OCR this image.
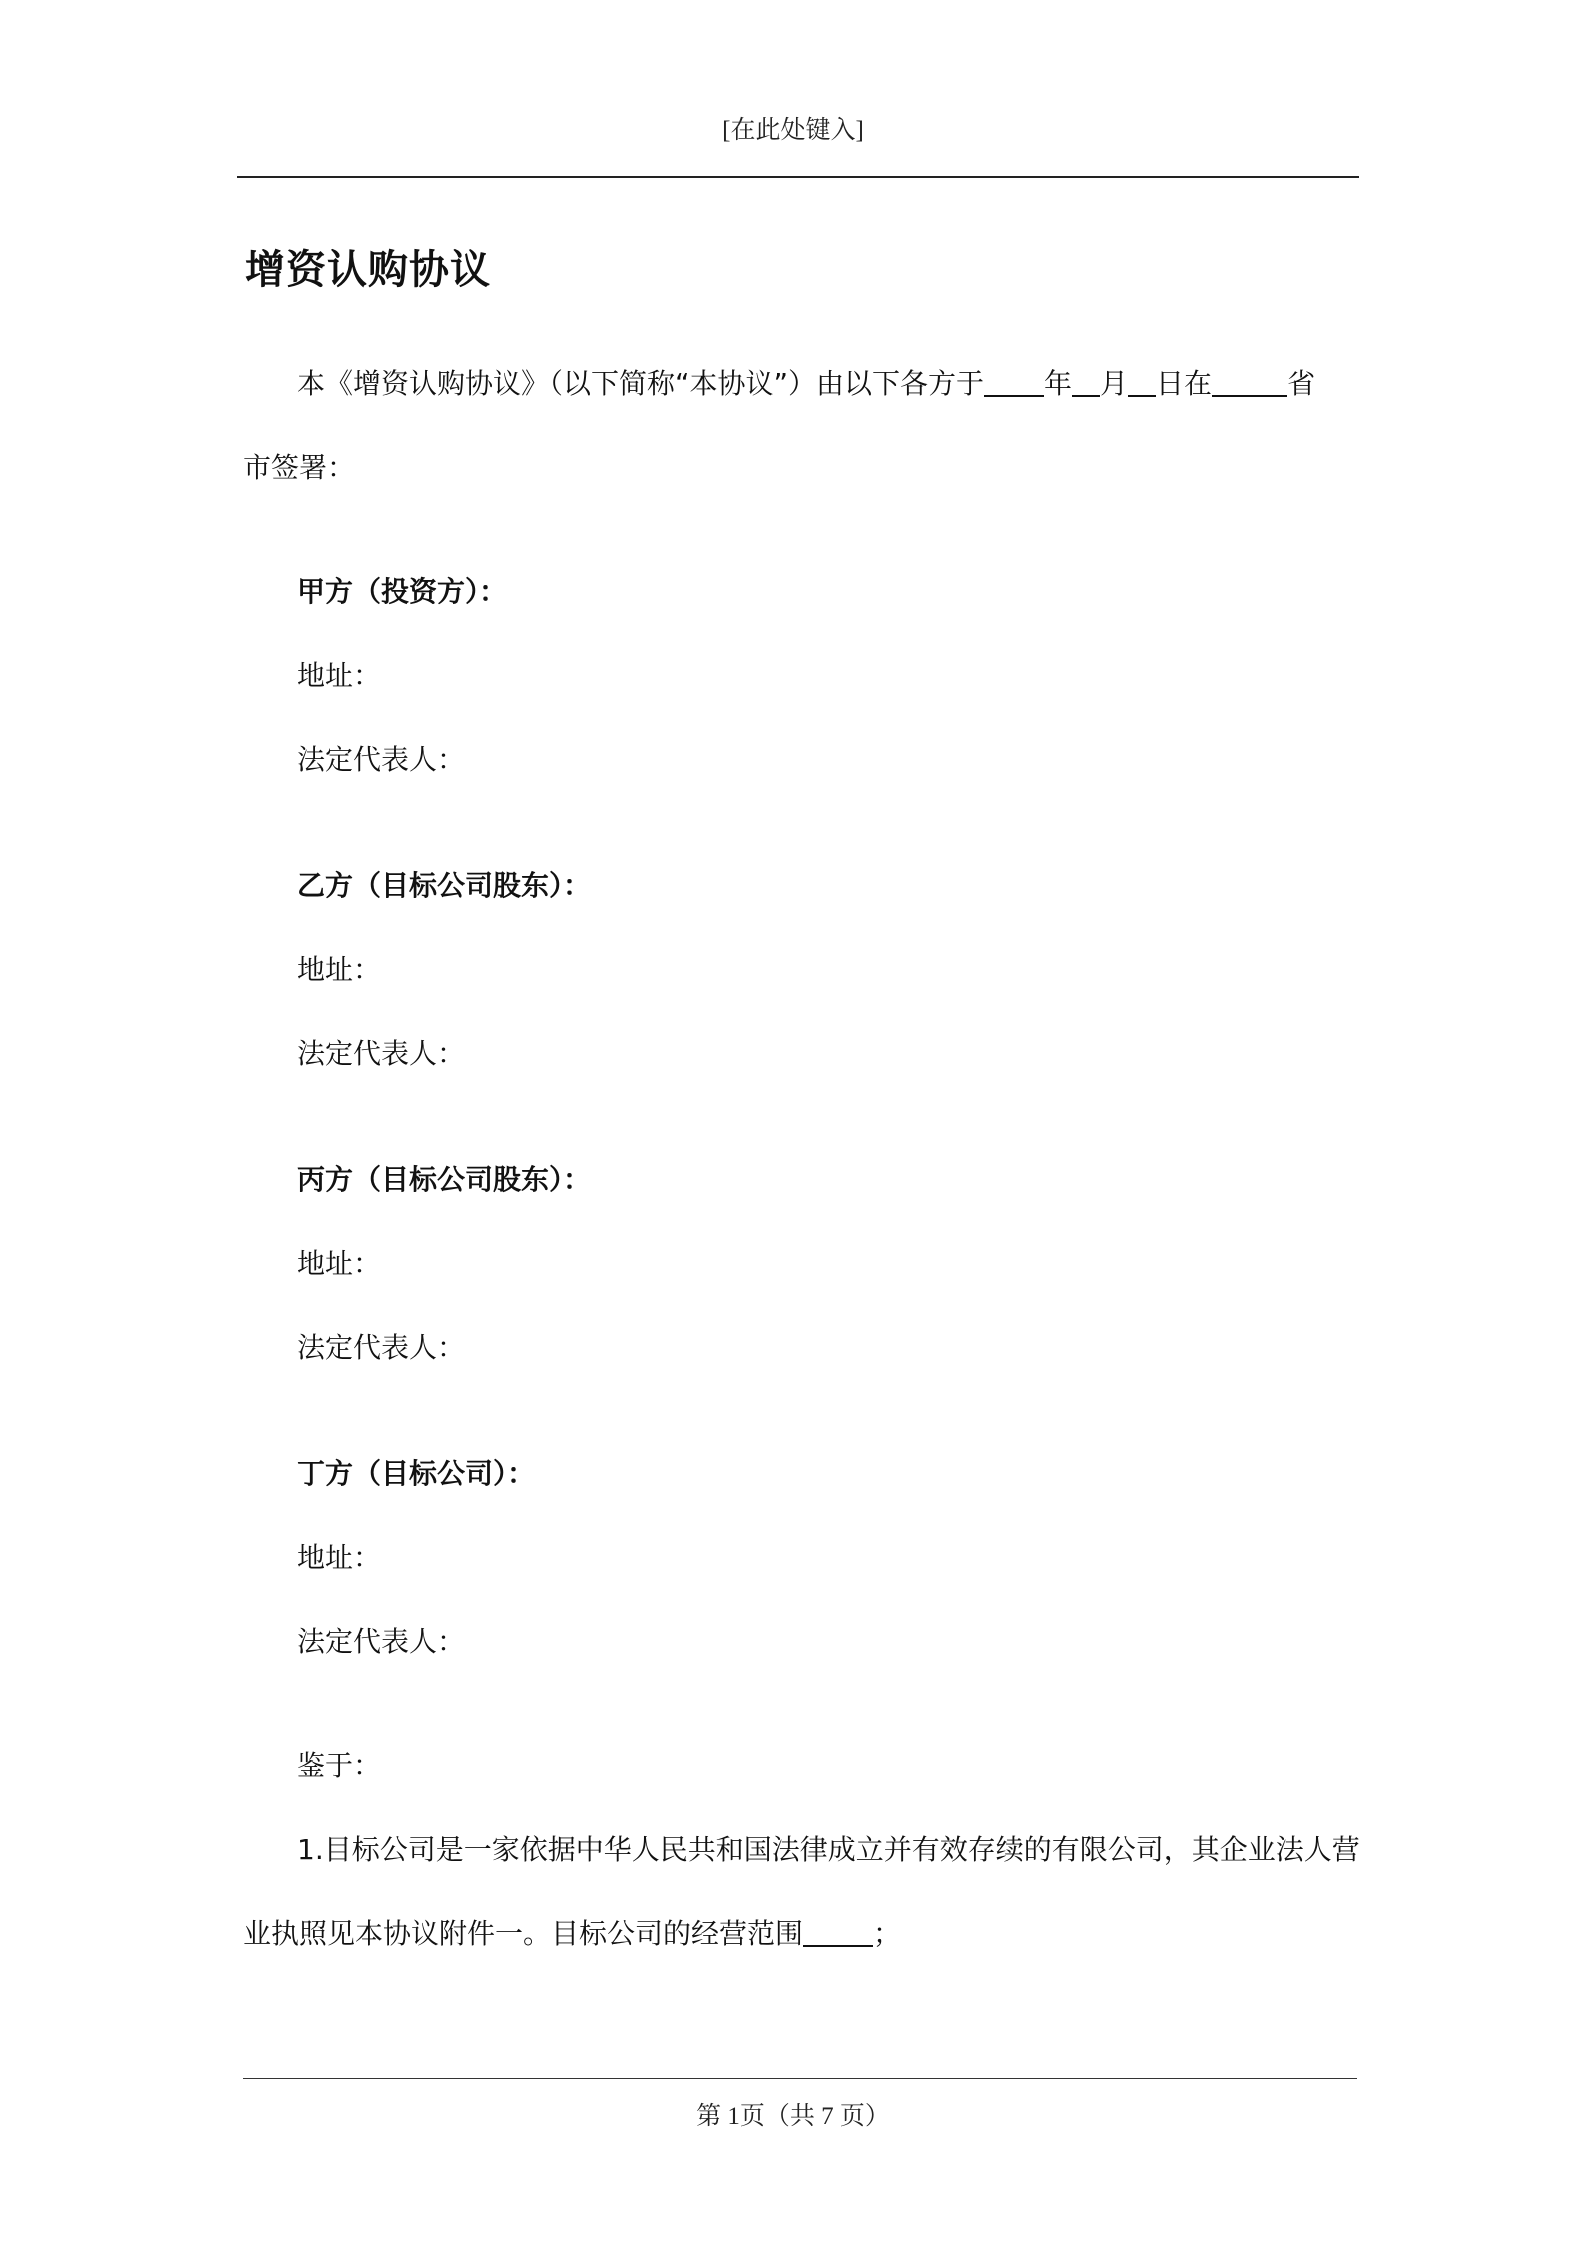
[在此处键入]
增资认购协议
本《增资认购协议》（以下简称“本协议”）由以下各方于 年 月 日在	省
市签署：
甲方（投资方）：
地址：
法定代表人：
乙方（目标公司股东）：
地址：
法定代表人：
丙方（目标公司股东）：
地址：
法定代表人：
丁方（目标公司）：
地址：
法定代表人：
鉴于：
1.目标公司是一家依据中华人民共和国法律成立并有效存续的有限公司，其企业法人营
业执照见本协议附件一。目标公司的经营范围	；
第 1页（共 7 页）
